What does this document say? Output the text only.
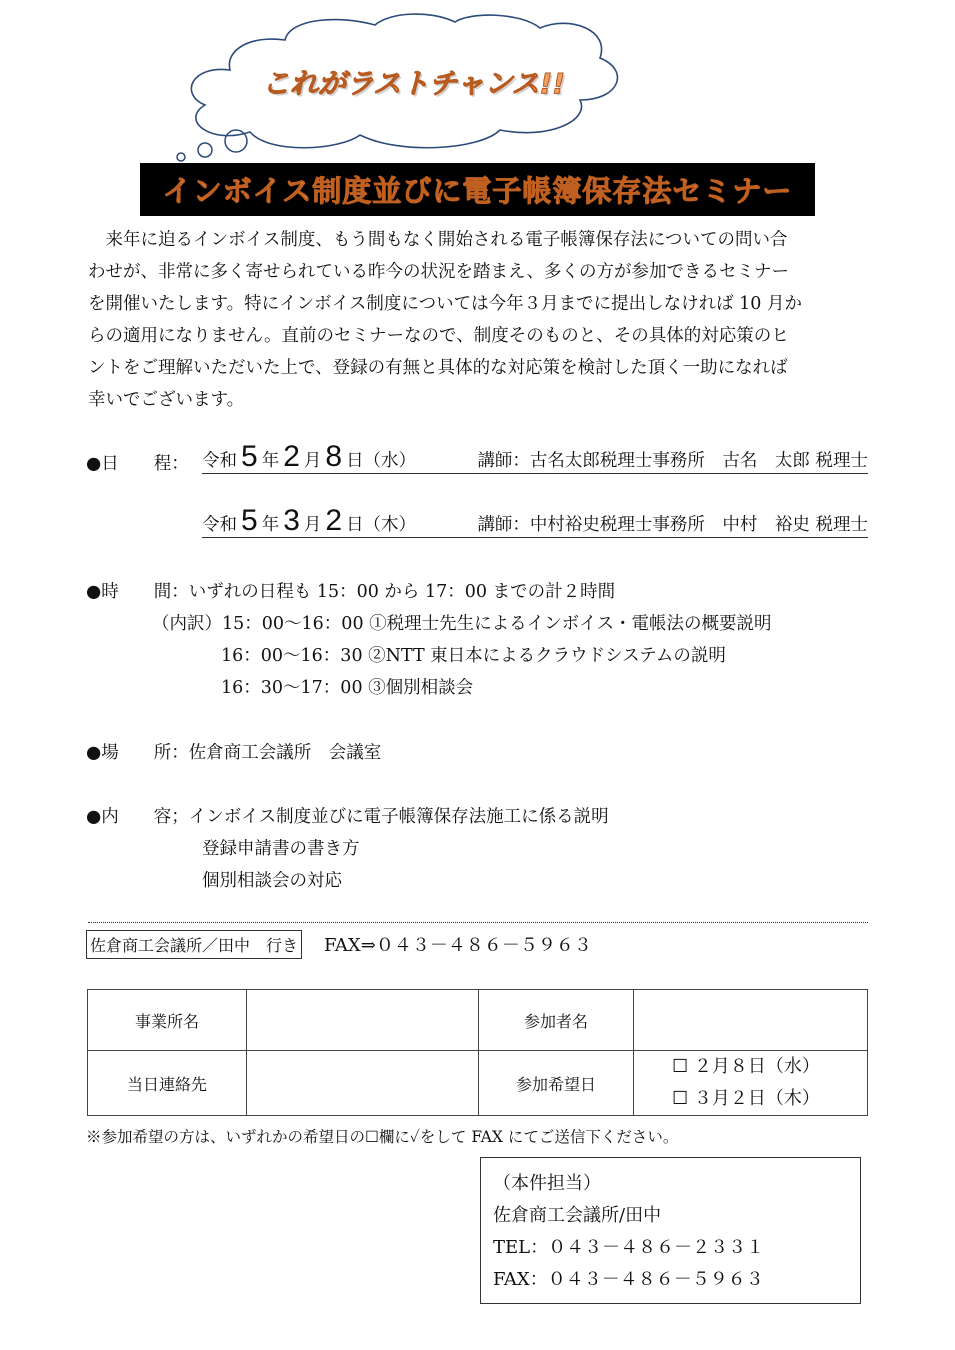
これがラストチャンス!!
インボイス制度並びに電子帳簿保存法セミナー
　来年に迫るインボイス制度、もう間もなく開始される電子帳簿保存法についての問い合
わせが、非常に多く寄せられている昨今の状況を踏まえ、多くの方が参加できるセミナー
を開催いたします。特にインボイス制度については今年３月までに提出しなければ 10 月か
らの適用になりません。直前のセミナーなので、制度そのものと、その具体的対応策のヒ
ントをご理解いただいた上で、登録の有無と具体的な対応策を検討した頂く一助になれば
幸いでございます。
●日　　程： 令和 5 年 2 月 8 日（水）	講師：古名太郎税理士事務所　古名　太郎 税理士
令和 5 年 3 月 2 日（木）	講師：中村裕史税理士事務所　中村　裕史 税理士
●時　　間：いずれの日程も 15：00 から 17：00 までの計２時間
（内訳）15：00～16：00 ①税理士先生によるインボイス・電帳法の概要説明
16：00～16：30 ②NTT 東日本によるクラウドシステムの説明
16：30～17：00 ③個別相談会
●場　　所：佐倉商工会議所　会議室
●内　　容；インボイス制度並びに電子帳簿保存法施工に係る説明
登録申請書の書き方
個別相談会の対応
佐倉商工会議所／田中　行き FAX⇒０４３－４８６－５９６３
事業所名		参加者名	
当日連絡先		参加希望日	☐ ２月８日（水）
☐ ３月２日（木）
※参加希望の方は、いずれかの希望日の☐欄に✓をして FAX にてご送信下ください。
（本件担当）
佐倉商工会議所/田中
TEL：０４３－４８６－２３３１
FAX：０４３－４８６－５９６３
